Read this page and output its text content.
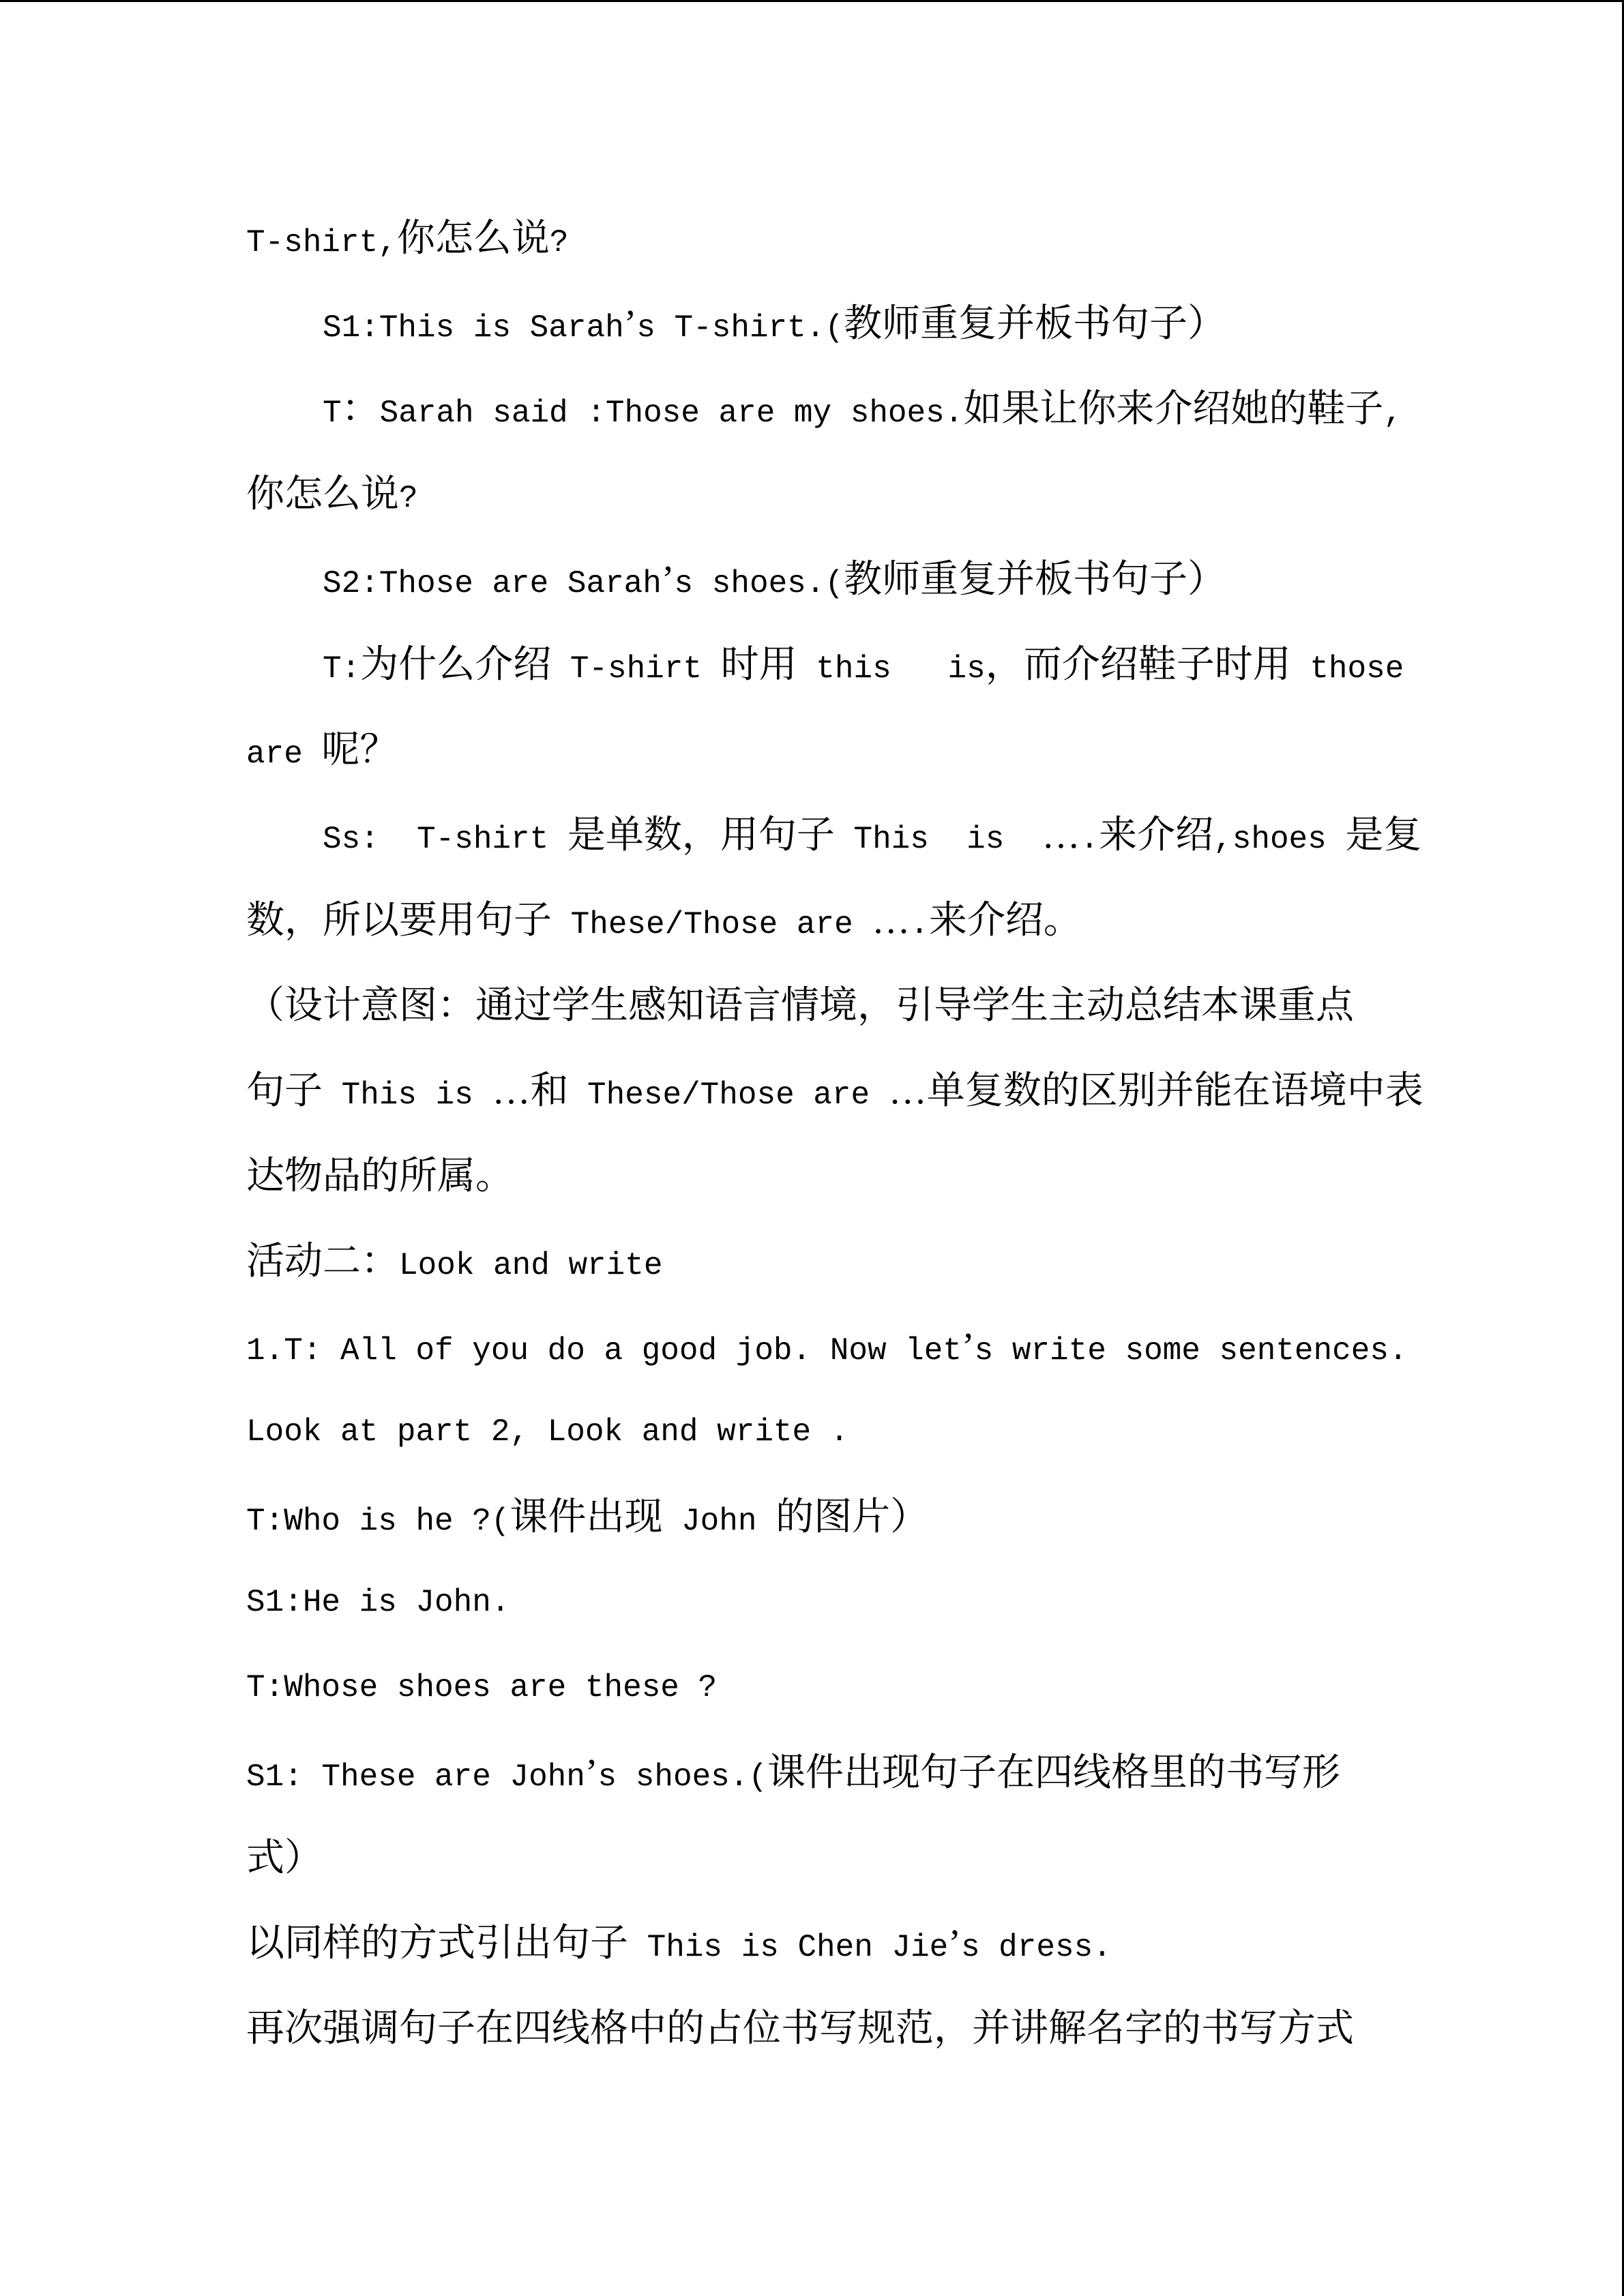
T-shirt,你怎么说?
S1:This is Sarah’s T-shirt.(教师重复并板书句子）
T：Sarah said :Those are my shoes.如果让你来介绍她的鞋子,
你怎么说?
S2:Those are Sarah’s shoes.(教师重复并板书句子）
T:为什么介绍 T-shirt 时用 this   is，而介绍鞋子时用 those
are 呢？
Ss:  T-shirt 是单数，用句子 This  is  ….来介绍,shoes 是复
数，所以要用句子 These/Those are ….来介绍。
（设计意图：通过学生感知语言情境，引导学生主动总结本课重点
句子 This is …和 These/Those are …单复数的区别并能在语境中表
达物品的所属。
活动二：Look and write
1.T: All of you do a good job. Now let’s write some sentences.
Look at part 2, Look and write .
T:Who is he ?(课件出现 John 的图片）
S1:He is John.
T:Whose shoes are these ?
S1: These are John’s shoes.(课件出现句子在四线格里的书写形
式）
以同样的方式引出句子 This is Chen Jie’s dress.
再次强调句子在四线格中的占位书写规范，并讲解名字的书写方式
